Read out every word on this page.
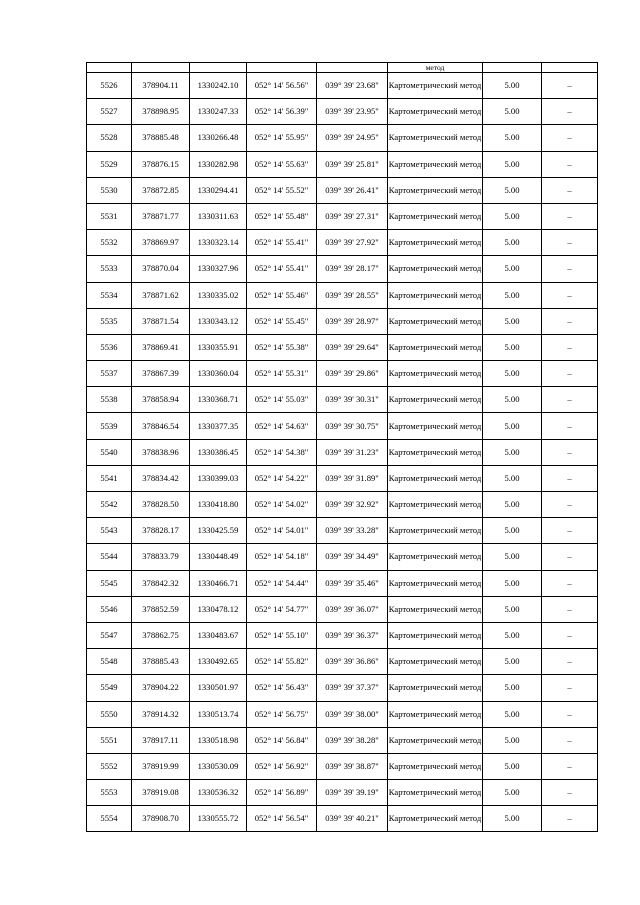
					метод		
5526	378904.11	1330242.10	052° 14' 56.56"	039° 39' 23.68"	Картометрический метод	5.00	–
5527	378898.95	1330247.33	052° 14' 56.39"	039° 39' 23.95"	Картометрический метод	5.00	–
5528	378885.48	1330266.48	052° 14' 55.95"	039° 39' 24.95"	Картометрический метод	5.00	–
5529	378876.15	1330282.98	052° 14' 55.63"	039° 39' 25.81"	Картометрический метод	5.00	–
5530	378872.85	1330294.41	052° 14' 55.52"	039° 39' 26.41"	Картометрический метод	5.00	–
5531	378871.77	1330311.63	052° 14' 55.48"	039° 39' 27.31"	Картометрический метод	5.00	–
5532	378869.97	1330323.14	052° 14' 55.41"	039° 39' 27.92"	Картометрический метод	5.00	–
5533	378870.04	1330327.96	052° 14' 55.41"	039° 39' 28.17"	Картометрический метод	5.00	–
5534	378871.62	1330335.02	052° 14' 55.46"	039° 39' 28.55"	Картометрический метод	5.00	–
5535	378871.54	1330343.12	052° 14' 55.45"	039° 39' 28.97"	Картометрический метод	5.00	–
5536	378869.41	1330355.91	052° 14' 55.38"	039° 39' 29.64"	Картометрический метод	5.00	–
5537	378867.39	1330360.04	052° 14' 55.31"	039° 39' 29.86"	Картометрический метод	5.00	–
5538	378858.94	1330368.71	052° 14' 55.03"	039° 39' 30.31"	Картометрический метод	5.00	–
5539	378846.54	1330377.35	052° 14' 54.63"	039° 39' 30.75"	Картометрический метод	5.00	–
5540	378838.96	1330386.45	052° 14' 54.38"	039° 39' 31.23"	Картометрический метод	5.00	–
5541	378834.42	1330399.03	052° 14' 54.22"	039° 39' 31.89"	Картометрический метод	5.00	–
5542	378828.50	1330418.80	052° 14' 54.02"	039° 39' 32.92"	Картометрический метод	5.00	–
5543	378828.17	1330425.59	052° 14' 54.01"	039° 39' 33.28"	Картометрический метод	5.00	–
5544	378833.79	1330448.49	052° 14' 54.18"	039° 39' 34.49"	Картометрический метод	5.00	–
5545	378842.32	1330466.71	052° 14' 54.44"	039° 39' 35.46"	Картометрический метод	5.00	–
5546	378852.59	1330478.12	052° 14' 54.77"	039° 39' 36.07"	Картометрический метод	5.00	–
5547	378862.75	1330483.67	052° 14' 55.10"	039° 39' 36.37"	Картометрический метод	5.00	–
5548	378885.43	1330492.65	052° 14' 55.82"	039° 39' 36.86"	Картометрический метод	5.00	–
5549	378904.22	1330501.97	052° 14' 56.43"	039° 39' 37.37"	Картометрический метод	5.00	–
5550	378914.32	1330513.74	052° 14' 56.75"	039° 39' 38.00"	Картометрический метод	5.00	–
5551	378917.11	1330518.98	052° 14' 56.84"	039° 39' 38.28"	Картометрический метод	5.00	–
5552	378919.99	1330530.09	052° 14' 56.92"	039° 39' 38.87"	Картометрический метод	5.00	–
5553	378919.08	1330536.32	052° 14' 56.89"	039° 39' 39.19"	Картометрический метод	5.00	–
5554	378908.70	1330555.72	052° 14' 56.54"	039° 39' 40.21"	Картометрический метод	5.00	–
